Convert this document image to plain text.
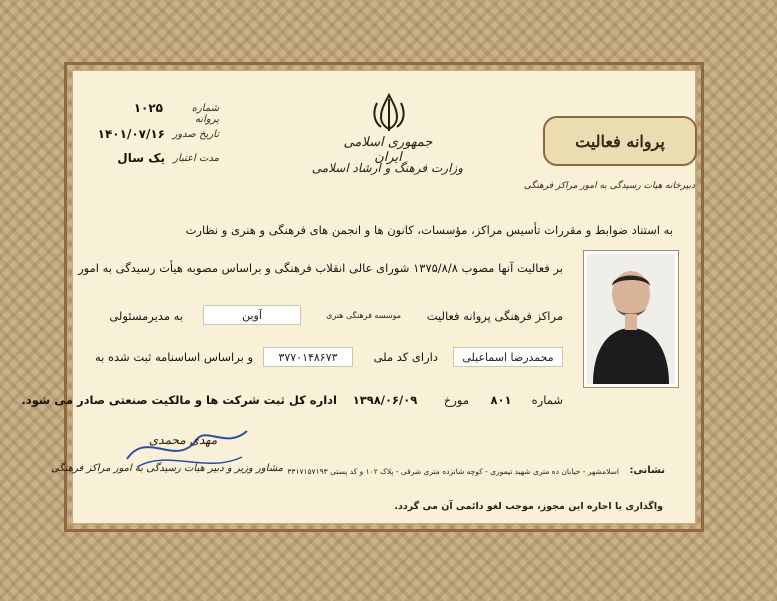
جمهوری اسلامی ایران
وزارت فرهنگ و ارشاد اسلامی
پروانه فعالیت
دبیرخانه هیات رسیدگی به امور مراکز فرهنگی
شماره پروانه
۱۰۲۵
تاریخ صدور
۱۴۰۱/۰۷/۱۶
مدت اعتبار
یک سال
به استناد ضوابط و مقررات تأسیس مراکز، مؤسسات، کانون ها و انجمن های فرهنگی و هنری و نظارت
بر فعالیت آنها مصوب ۱۳۷۵/۸/۸ شورای عالی انقلاب فرهنگی و براساس مصوبه هیأت رسیدگی به امور
مراکز فرهنگی پروانه فعالیت
موسسه فرهنگی هنری
آوین
به مدیرمسئولی
محمدرضا اسماعیلی
دارای کد ملی
۳۷۷۰۱۴۸۶۷۳
و براساس اساسنامه ثبت شده به
شماره
۸۰۱
مورخ
۱۳۹۸/۰۶/۰۹
اداره کل ثبت شرکت ها و مالکیت صنعتی صادر می شود.
مهدی محمدی
مشاور وزیر و دبیر هیات رسیدگی به امور مراکز فرهنگی	نشانی:
اسلامشهر - خیابان ده متری شهید تیموری - کوچه شانزده متری شرقی - پلاک ۱۰۲ و کد پستی ۳۳۱۷۱۵۷۱۹۳
واگذاری یا اجاره این مجوز، موجب لغو دائمی آن می گردد.
